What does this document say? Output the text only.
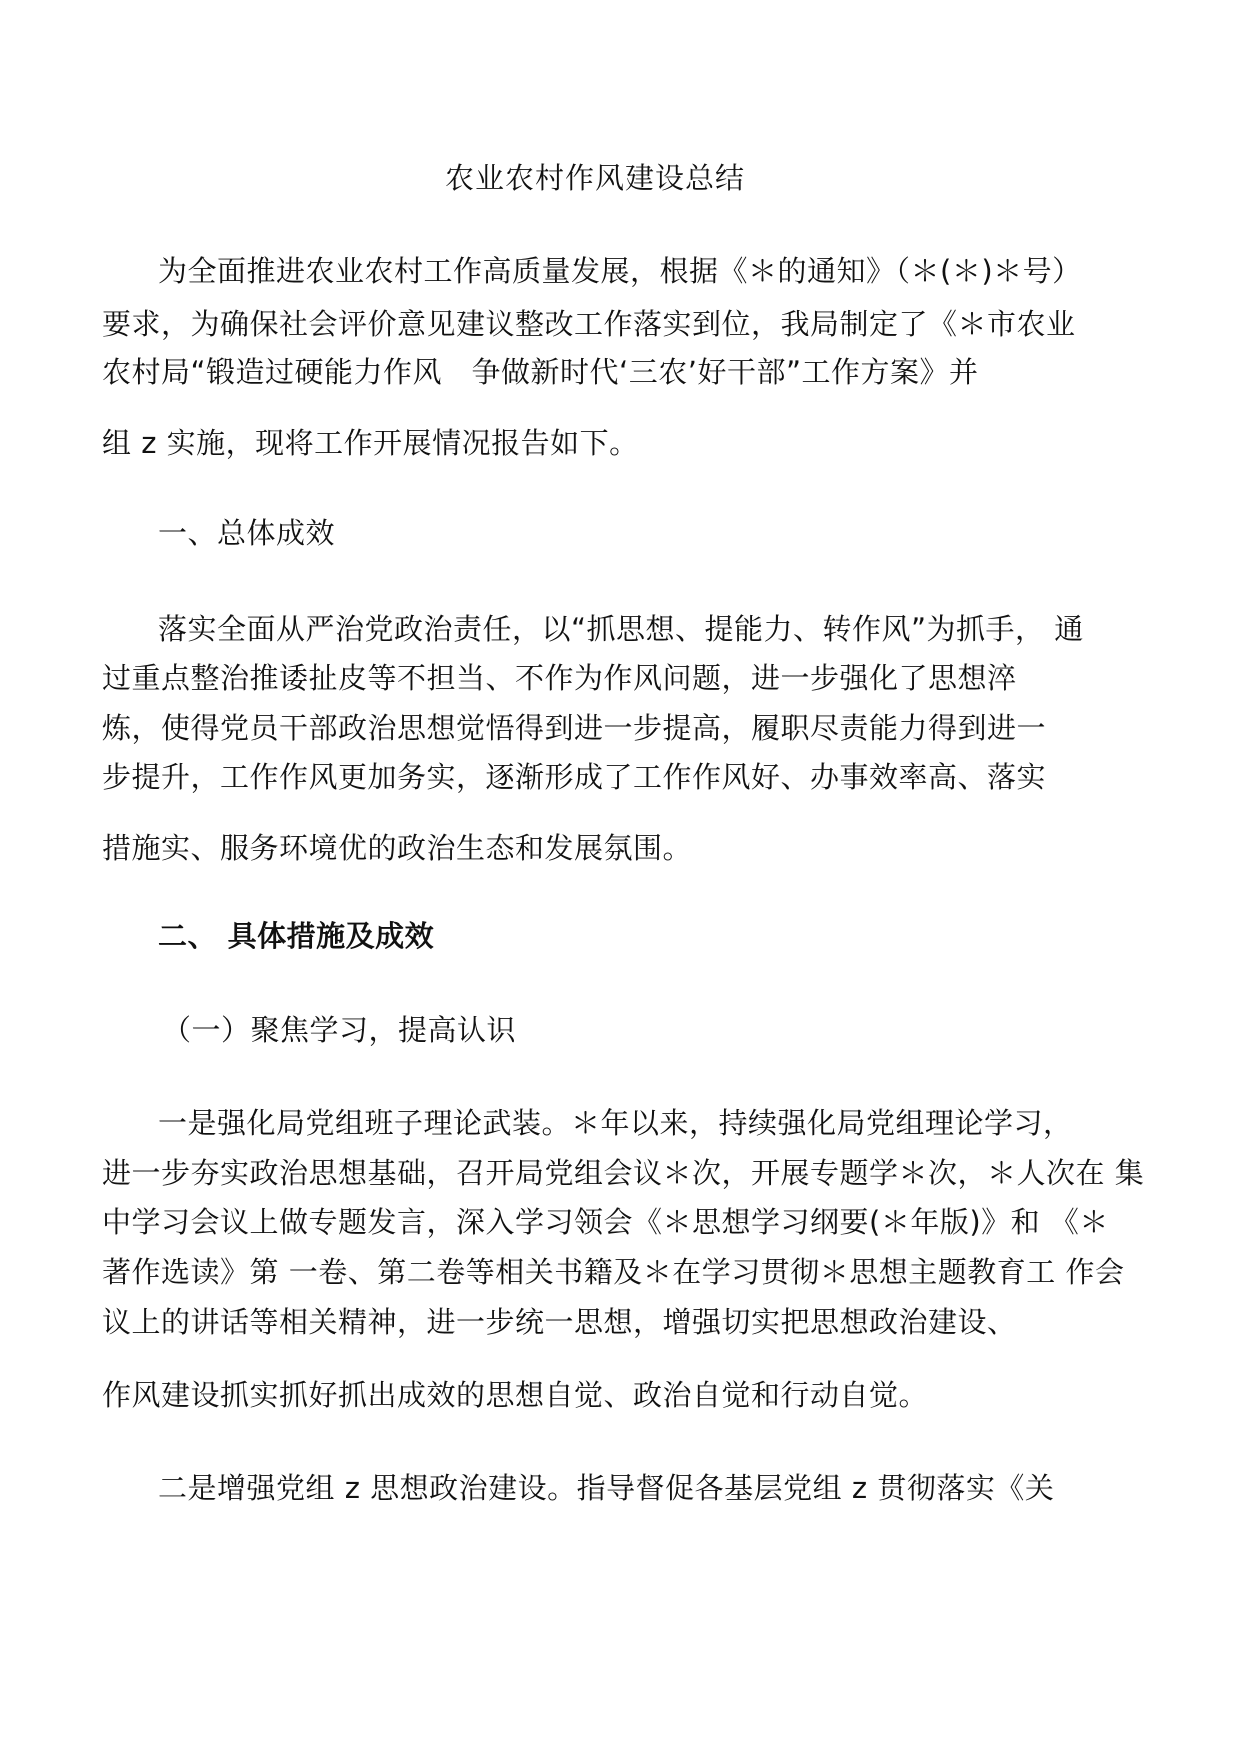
农业农村作风建设总结
为全面推进农业农村工作高质量发展，根据《＊的通知》（＊(＊)＊号）
要求，为确保社会评价意见建议整改工作落实到位，我局制定了《＊市农业
农村局“锻造过硬能力作风　争做新时代‘三农’好干部”工作方案》并
组 z 实施，现将工作开展情况报告如下。
一、总体成效
落实全面从严治党政治责任，以“抓思想、提能力、转作风”为抓手， 通
过重点整治推诿扯皮等不担当、不作为作风问题，进一步强化了思想淬
炼，使得党员干部政治思想觉悟得到进一步提高，履职尽责能力得到进一
步提升，工作作风更加务实，逐渐形成了工作作风好、办事效率高、落实
措施实、服务环境优的政治生态和发展氛围。
二、 具体措施及成效
（一）聚焦学习，提高认识
一是强化局党组班子理论武装。＊年以来，持续强化局党组理论学习，
进一步夯实政治思想基础，召开局党组会议＊次，开展专题学＊次，＊人次在 集
中学习会议上做专题发言，深入学习领会《＊思想学习纲要(＊年版)》和 《＊
著作选读》第 一卷、第二卷等相关书籍及＊在学习贯彻＊思想主题教育工 作会
议上的讲话等相关精神，进一步统一思想，增强切实把思想政治建设、
作风建设抓实抓好抓出成效的思想自觉、政治自觉和行动自觉。
二是增强党组 z 思想政治建设。指导督促各基层党组 z 贯彻落实《关
